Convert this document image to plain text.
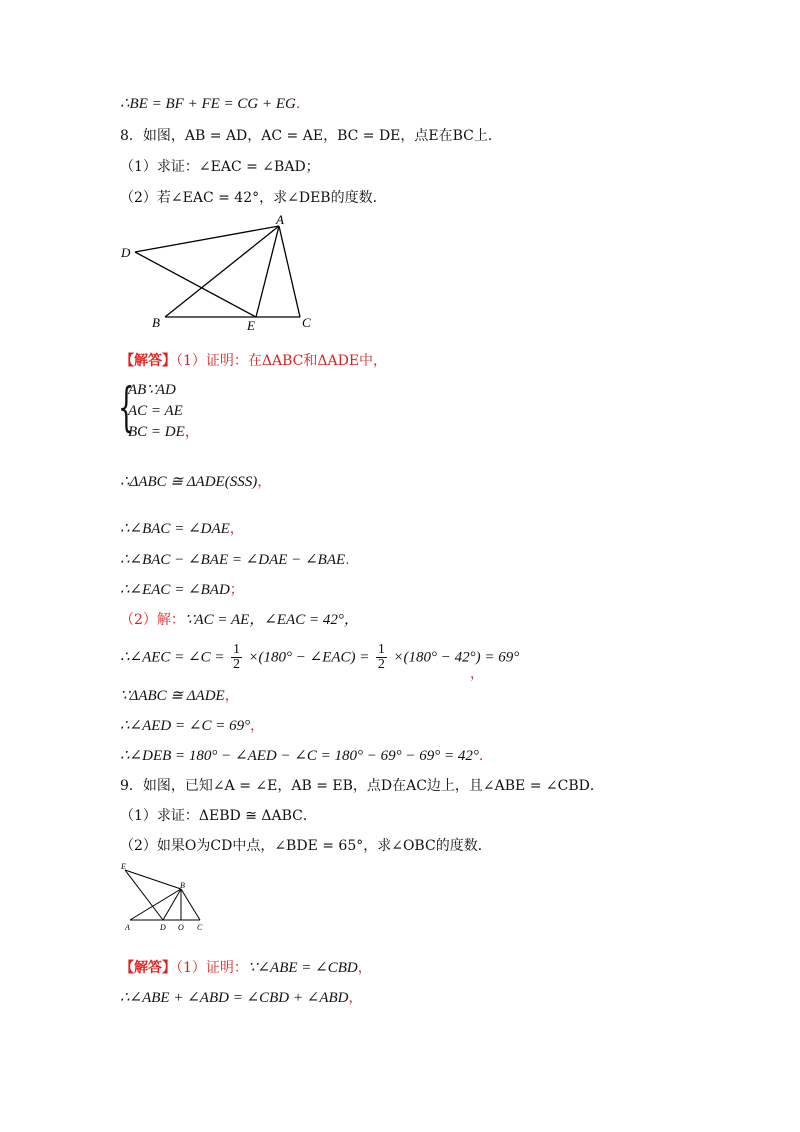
∴BE = BF + FE = CG + EG.
8．如图，AB = AD，AC = AE，BC = DE，点E在BC上．
（1）求证：∠EAC = ∠BAD；
（2）若∠EAC = 42°，求∠DEB的度数．
A
D
B	E	C
【解答】（1）证明：在ΔABC和ΔADE中，
{
AB∵AD
AC = AE
BC = DE，
∴ΔABC ≅ ΔADE(SSS)，
∴∠BAC = ∠DAE，
∴∠BAC − ∠BAE = ∠DAE − ∠BAE.
∴∠EAC = ∠BAD；
（2）解：∵AC = AE，∠EAC = 42°，
∴∠AEC = ∠C = $\frac{1}{2} \times(180^\circ$ − ∠EAC) = $\frac{1}{2} \times(180^\circ - 42^\circ) = 69^\circ$
，
∵ΔABC ≅ ΔADE，
∴∠AED = ∠C = 69°，
∴∠DEB = 180° − ∠AED − ∠C = 180° − 69° − 69° = 42°.
9．如图，已知∠A = ∠E，AB = EB，点D在AC边上，且∠ABE = ∠CBD．
（1）求证：ΔEBD ≅ ΔABC．
（2）如果O为CD中点，∠BDE = 65°，求∠OBC的度数．
E
B
A	D O C
【解答】（1）证明：∵∠ABE = ∠CBD，
∴∠ABE + ∠ABD = ∠CBD + ∠ABD，
